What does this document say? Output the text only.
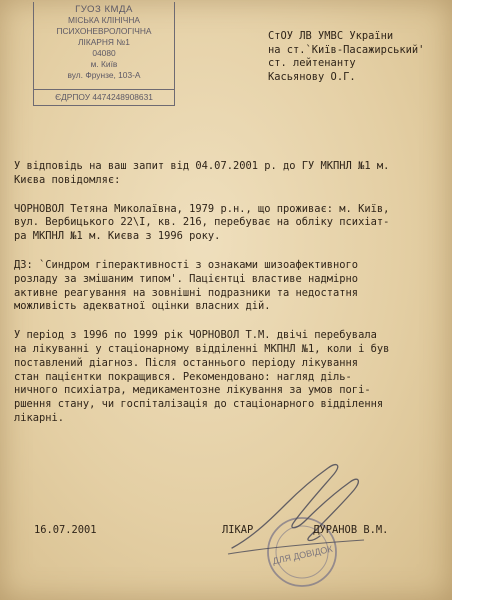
ГУОЗ КМДА
МІСЬКА КЛІНІЧНА
ПСИХОНЕВРОЛОГІЧНА
ЛІКАРНЯ №1
04080
м. Київ
вул. Фрунзе, 103-А
ЄДРПОУ 4474248908631
СтОУ ЛВ УМВС України
на ст.`Київ-Пасажирський'
ст. лейтенанту
Касьянову О.Г.
У відповідь на ваш запит від 04.07.2001 р. до ГУ МКПНЛ №1 м.
Києва повідомляє:
ЧОРНОВОЛ Тетяна Миколаївна, 1979 р.н., що проживає: м. Київ,
вул. Вербицького 22\І, кв. 216, перебуває на обліку психіат-
ра МКПНЛ №1 м. Києва з 1996 року.
ДЗ: `Синдром гіперактивності з ознаками шизоафективного
розладу за змішаним типом'. Пацієнтці властиве надмірно
активне реагування на зовнішні подразники та недостатня
можливість адекватної оцінки власних дій.
У період з 1996 по 1999 рік ЧОРНОВОЛ Т.М. двічі перебувала
на лікуванні у стаціонарному відділенні МКПНЛ №1, коли і був
поставлений діагноз. Після останнього періоду лікування
стан пацієнтки покращився. Рекомендовано: нагляд діль-
ничного психіатра, медикаментозне лікування за умов погі-
ршення стану, чи госпіталізація до стаціонарного відділення
лікарні.
ДЛЯ ДОВІДОК
16.07.2001	ЛІКАР	ДУРАНОВ В.М.
